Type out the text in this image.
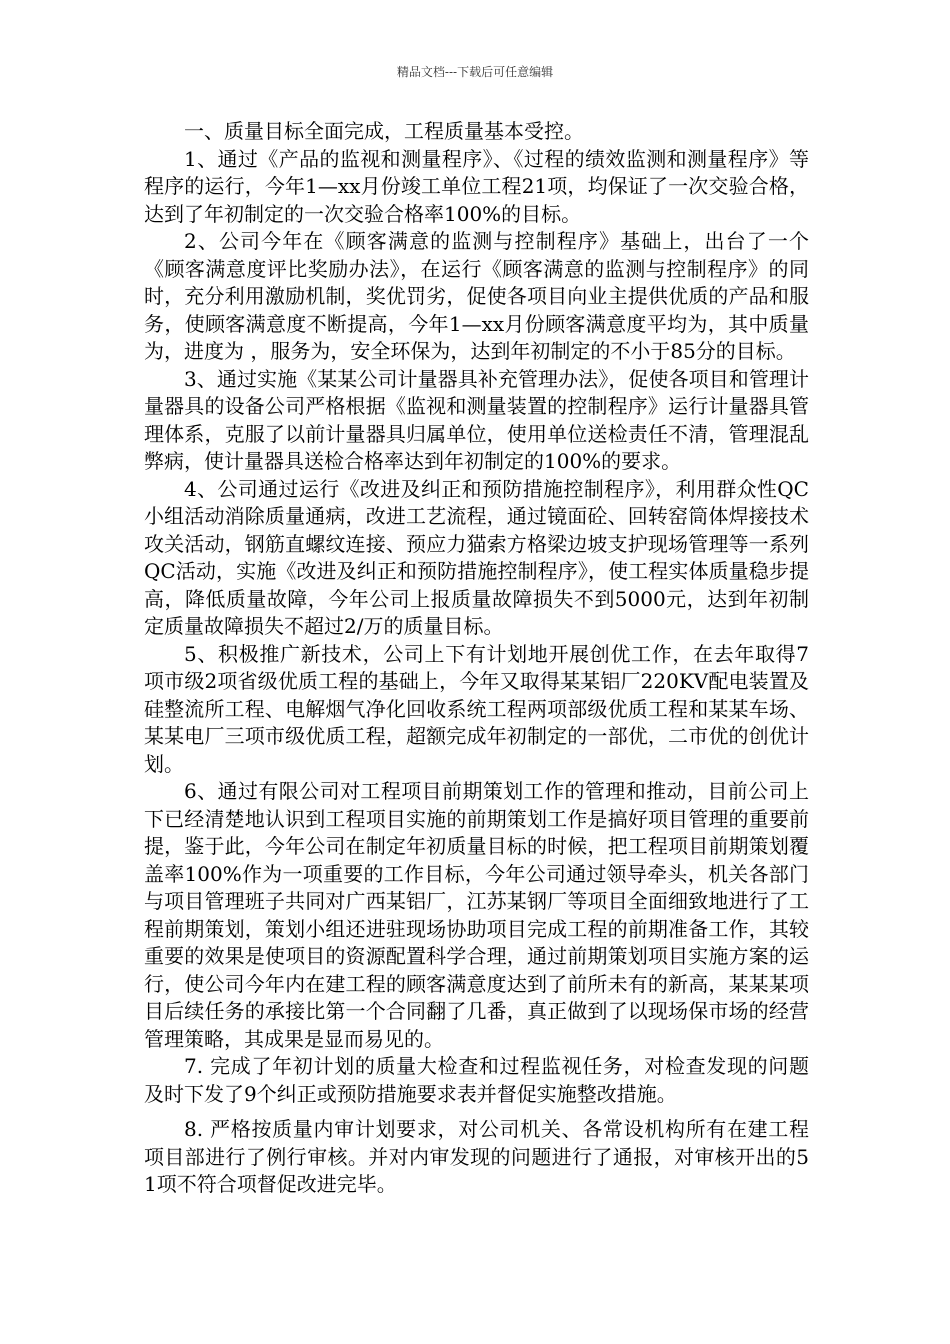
精品文档---下载后可任意编辑

一、质量目标全面完成，工程质量基本受控。

1、通过《产品的监视和测量程序》、《过程的绩效监测和测量程序》等程序的运行，今年1—xx月份竣工单位工程21项，均保证了一次交验合格，达到了年初制定的一次交验合格率100%的目标。

2、公司今年在《顾客满意的监测与控制程序》基础上，出台了一个《顾客满意度评比奖励办法》，在运行《顾客满意的监测与控制程序》的同时，充分利用激励机制，奖优罚劣，促使各项目向业主提供优质的产品和服务，使顾客满意度不断提高，今年1—xx月份顾客满意度平均为，其中质量为，进度为 ，服务为，安全环保为，达到年初制定的不小于85分的目标。

3、通过实施《某某公司计量器具补充管理办法》，促使各项目和管理计量器具的设备公司严格根据《监视和测量装置的控制程序》运行计量器具管理体系，克服了以前计量器具归属单位，使用单位送检责任不清，管理混乱弊病，使计量器具送检合格率达到年初制定的100%的要求。

4、公司通过运行《改进及纠正和预防措施控制程序》，利用群众性QC小组活动消除质量通病，改进工艺流程，通过镜面砼、回转窑筒体焊接技术攻关活动，钢筋直螺纹连接、预应力猫索方格梁边坡支护现场管理等一系列QC活动，实施《改进及纠正和预防措施控制程序》，使工程实体质量稳步提高，降低质量故障，今年公司上报质量故障损失不到5000元，达到年初制定质量故障损失不超过2/万的质量目标。

5、积极推广新技术，公司上下有计划地开展创优工作，在去年取得7项市级2项省级优质工程的基础上，今年又取得某某铝厂220KV配电装置及硅整流所工程、电解烟气净化回收系统工程两项部级优质工程和某某车场、某某电厂三项市级优质工程，超额完成年初制定的一部优，二市优的创优计划。

6、通过有限公司对工程项目前期策划工作的管理和推动，目前公司上下已经清楚地认识到工程项目实施的前期策划工作是搞好项目管理的重要前提，鉴于此，今年公司在制定年初质量目标的时候，把工程项目前期策划覆盖率100%作为一项重要的工作目标，今年公司通过领导牵头，机关各部门与项目管理班子共同对广西某铝厂，江苏某钢厂等项目全面细致地进行了工程前期策划，策划小组还进驻现场协助项目完成工程的前期准备工作，其较重要的效果是使项目的资源配置科学合理，通过前期策划项目实施方案的运行，使公司今年内在建工程的顾客满意度达到了前所未有的新高，某某某项目后续任务的承接比第一个合同翻了几番，真正做到了以现场保市场的经营管理策略，其成果是显而易见的。

7. 完成了年初计划的质量大检查和过程监视任务，对检查发现的问题及时下发了9个纠正或预防措施要求表并督促实施整改措施。

8. 严格按质量内审计划要求，对公司机关、各常设机构所有在建工程项目部进行了例行审核。并对内审发现的问题进行了通报，对审核开出的51项不符合项督促改进完毕。
